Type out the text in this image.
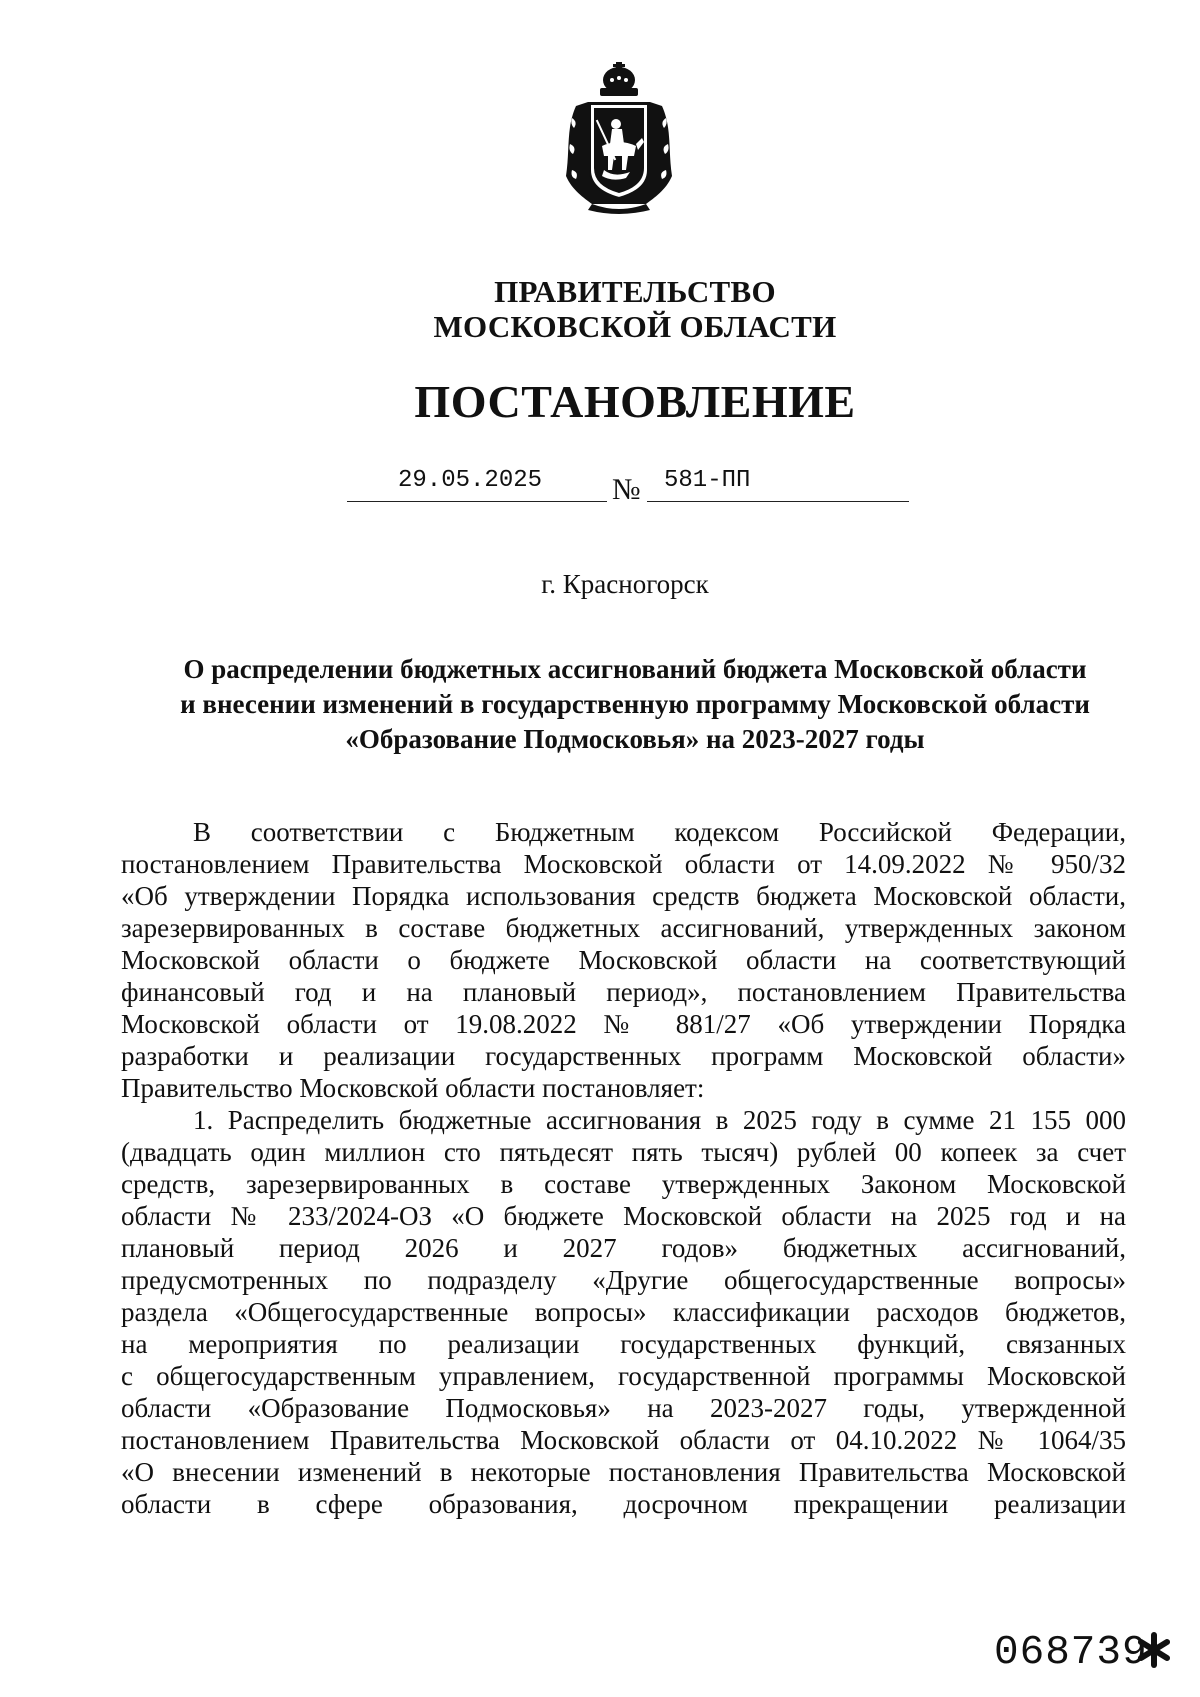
ПРАВИТЕЛЬСТВО
МОСКОВСКОЙ ОБЛАСТИ
ПОСТАНОВЛЕНИЕ
29.05.2025 № 581-ПП
г. Красногорск
О распределении бюджетных ассигнований бюджета Московской области
и внесении изменений в государственную программу Московской области
«Образование Подмосковья» на 2023-2027 годы
В соответствии с Бюджетным кодексом Российской Федерации,
постановлением Правительства Московской области от 14.09.2022 № 950/32
«Об утверждении Порядка использования средств бюджета Московской области,
зарезервированных в составе бюджетных ассигнований, утвержденных законом
Московской области о бюджете Московской области на соответствующий
финансовый год и на плановый период», постановлением Правительства
Московской области от 19.08.2022 № 881/27 «Об утверждении Порядка
разработки и реализации государственных программ Московской области»
Правительство Московской области постановляет:
1. Распределить бюджетные ассигнования в 2025 году в сумме 21 155 000
(двадцать один миллион сто пятьдесят пять тысяч) рублей 00 копеек за счет
средств, зарезервированных в составе утвержденных Законом Московской
области № 233/2024-ОЗ «О бюджете Московской области на 2025 год и на
плановый период 2026 и 2027 годов» бюджетных ассигнований,
предусмотренных по подразделу «Другие общегосударственные вопросы»
раздела «Общегосударственные вопросы» классификации расходов бюджетов,
на мероприятия по реализации государственных функций, связанных
с общегосударственным управлением, государственной программы Московской
области «Образование Подмосковья» на 2023-2027 годы, утвержденной
постановлением Правительства Московской области от 04.10.2022 № 1064/35
«О внесении изменений в некоторые постановления Правительства Московской
области в сфере образования, досрочном прекращении реализации
068739
